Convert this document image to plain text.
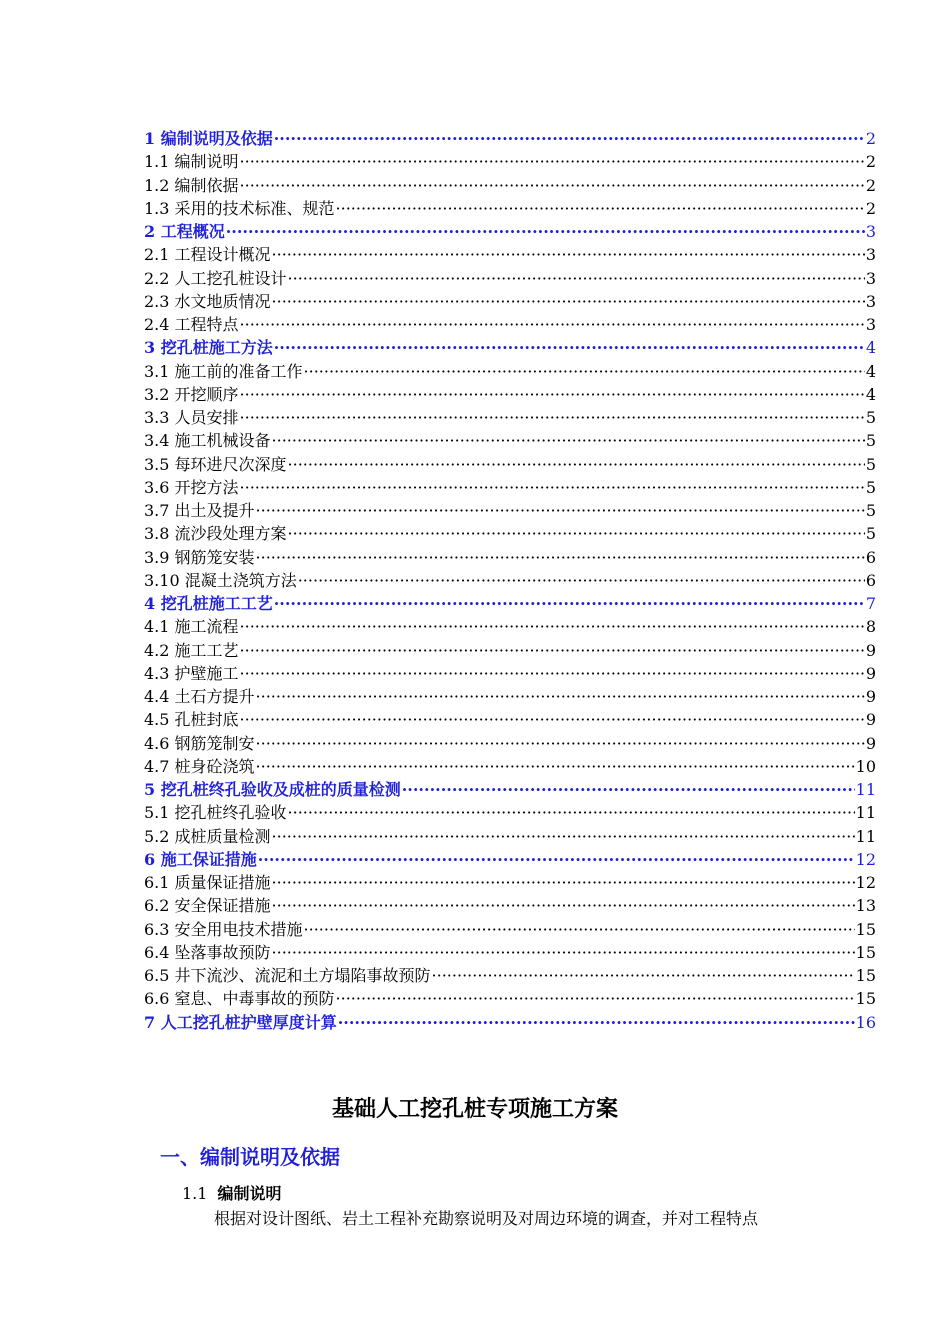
1 编制说明及依据 ·····	2
1.1 编制说明 ·····	2
1.2 编制依据 ·····	2
1.3 采用的技术标准、规范 ·····	2
2 工程概况 ·····	3
2.1 工程设计概况 ·····	3
2.2 人工挖孔桩设计 ·····	3
2.3 水文地质情况 ·····	3
2.4 工程特点 ·····	3
3 挖孔桩施工方法 ·····	4
3.1 施工前的准备工作 ·····	4
3.2 开挖顺序 ·····	4
3.3 人员安排 ·····	5
3.4 施工机械设备 ·····	5
3.5 每环进尺次深度 ·····	5
3.6 开挖方法 ·····	5
3.7 出土及提升 ·····	5
3.8 流沙段处理方案 ·····	5
3.9 钢筋笼安装 ·····	6
3.10 混凝土浇筑方法 ·····	6
4 挖孔桩施工工艺 ·····	7
4.1 施工流程 ·····	8
4.2 施工工艺 ·····	9
4.3 护壁施工 ·····	9
4.4 土石方提升 ·····	9
4.5 孔桩封底 ·····	9
4.6 钢筋笼制安 ·····	9
4.7 桩身砼浇筑 ·····	10
5 挖孔桩终孔验收及成桩的质量检测 ·····	11
5.1 挖孔桩终孔验收 ·····	11
5.2 成桩质量检测 ·····	11
6 施工保证措施 ·····	12
6.1 质量保证措施 ·····	12
6.2 安全保证措施 ·····	13
6.3 安全用电技术措施 ·····	15
6.4 坠落事故预防 ·····	15
6.5 井下流沙、流泥和土方塌陷事故预防 ·····	15
6.6 窒息、中毒事故的预防 ·····	15
7 人工挖孔桩护壁厚度计算 ·····	16
基础人工挖孔桩专项施工方案
一、编制说明及依据
1.1 编制说明
根据对设计图纸、岩土工程补充勘察说明及对周边环境的调查，并对工程特点
